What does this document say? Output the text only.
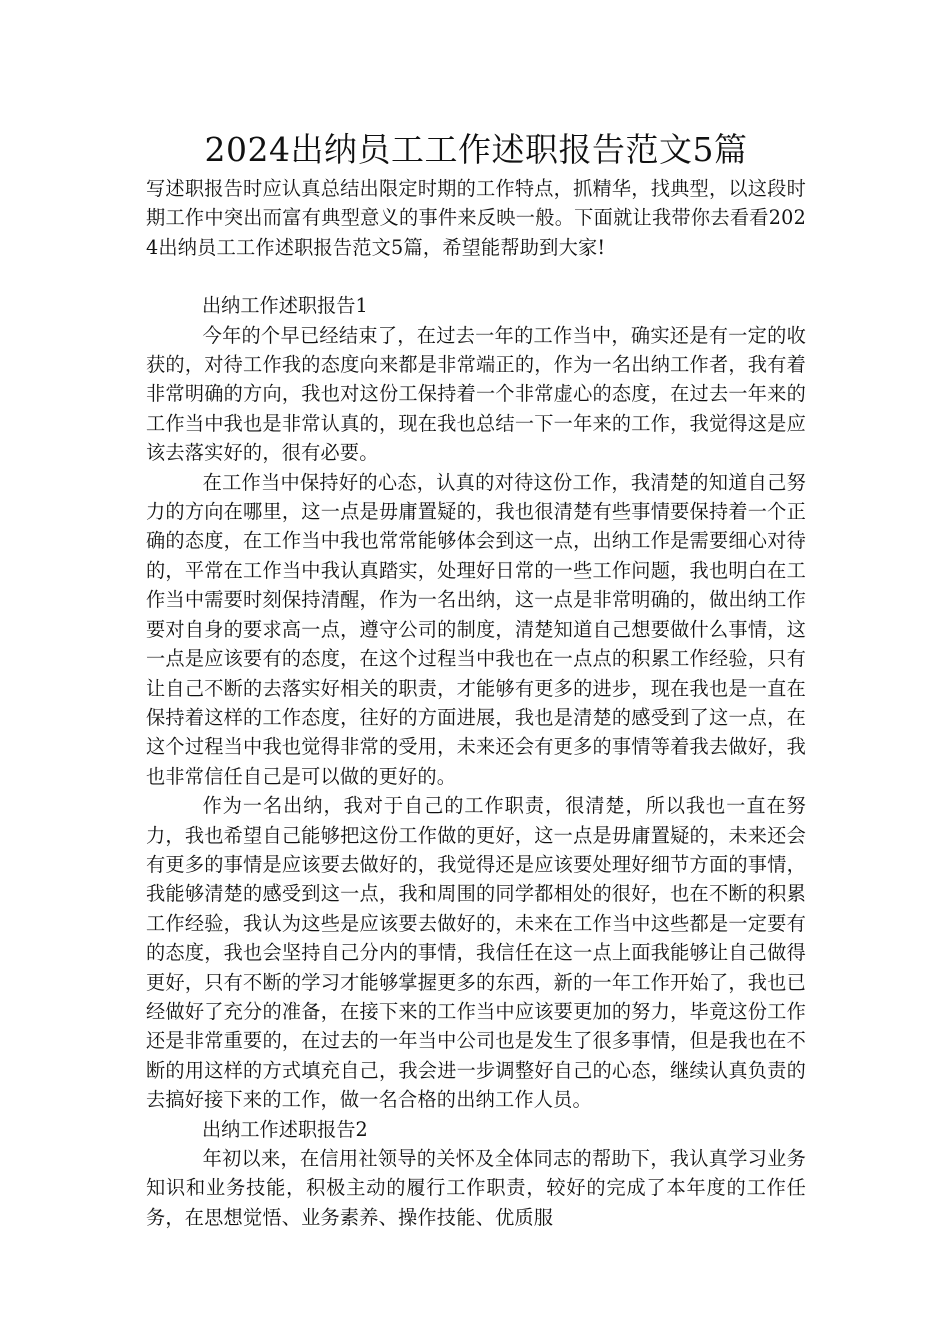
2024出纳员工工作述职报告范文5篇

写述职报告时应认真总结出限定时期的工作特点，抓精华，找典型，以这段时期工作中突出而富有典型意义的事件来反映一般。下面就让我带你去看看2024出纳员工工作述职报告范文5篇，希望能帮助到大家!

出纳工作述职报告1

今年的个早已经结束了，在过去一年的工作当中，确实还是有一定的收获的，对待工作我的态度向来都是非常端正的，作为一名出纳工作者，我有着非常明确的方向，我也对这份工保持着一个非常虚心的态度，在过去一年来的工作当中我也是非常认真的，现在我也总结一下一年来的工作，我觉得这是应该去落实好的，很有必要。

在工作当中保持好的心态，认真的对待这份工作，我清楚的知道自己努力的方向在哪里，这一点是毋庸置疑的，我也很清楚有些事情要保持着一个正确的态度，在工作当中我也常常能够体会到这一点，出纳工作是需要细心对待的，平常在工作当中我认真踏实，处理好日常的一些工作问题，我也明白在工作当中需要时刻保持清醒，作为一名出纳，这一点是非常明确的，做出纳工作要对自身的要求高一点，遵守公司的制度，清楚知道自己想要做什么事情，这一点是应该要有的态度，在这个过程当中我也在一点点的积累工作经验，只有让自己不断的去落实好相关的职责，才能够有更多的进步，现在我也是一直在保持着这样的工作态度，往好的方面进展，我也是清楚的感受到了这一点，在这个过程当中我也觉得非常的受用，未来还会有更多的事情等着我去做好，我也非常信任自己是可以做的更好的。

作为一名出纳，我对于自己的工作职责，很清楚，所以我也一直在努力，我也希望自己能够把这份工作做的更好，这一点是毋庸置疑的，未来还会有更多的事情是应该要去做好的，我觉得还是应该要处理好细节方面的事情，我能够清楚的感受到这一点，我和周围的同学都相处的很好，也在不断的积累工作经验，我认为这些是应该要去做好的，未来在工作当中这些都是一定要有的态度，我也会坚持自己分内的事情，我信任在这一点上面我能够让自己做得更好，只有不断的学习才能够掌握更多的东西，新的一年工作开始了，我也已经做好了充分的准备，在接下来的工作当中应该要更加的努力，毕竟这份工作还是非常重要的，在过去的一年当中公司也是发生了很多事情，但是我也在不断的用这样的方式填充自己，我会进一步调整好自己的心态，继续认真负责的去搞好接下来的工作，做一名合格的出纳工作人员。

出纳工作述职报告2

年初以来，在信用社领导的关怀及全体同志的帮助下，我认真学习业务知识和业务技能，积极主动的履行工作职责，较好的完成了本年度的工作任务，在思想觉悟、业务素养、操作技能、优质服
